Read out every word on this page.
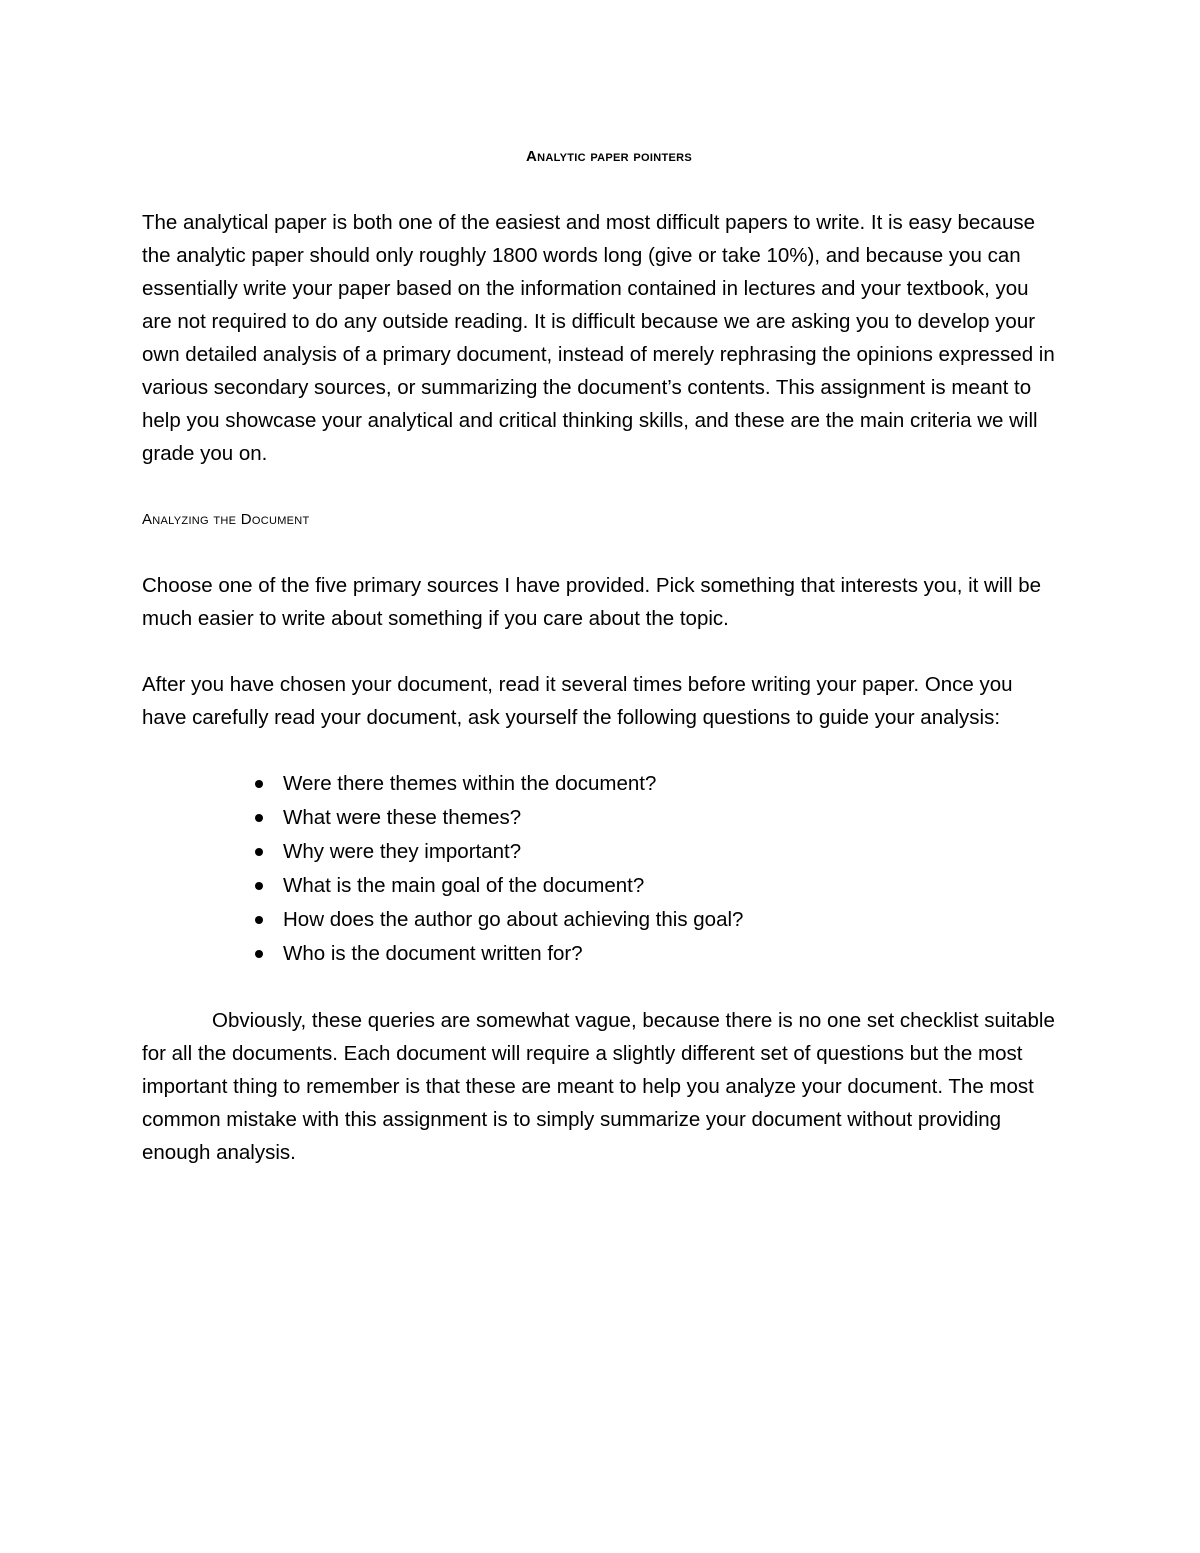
Analytic paper pointers

The analytical paper is both one of the easiest and most difficult papers to write. It is easy because the analytic paper should only roughly 1800 words long (give or take 10%), and because you can essentially write your paper based on the information contained in lectures and your textbook, you are not required to do any outside reading. It is difficult because we are asking you to develop your own detailed analysis of a primary document, instead of merely rephrasing the opinions expressed in various secondary sources, or summarizing the document’s contents. This assignment is meant to help you showcase your analytical and critical thinking skills, and these are the main criteria we will grade you on.

Analyzing the Document

Choose one of the five primary sources I have provided. Pick something that interests you, it will be much easier to write about something if you care about the topic.

After you have chosen your document, read it several times before writing your paper. Once you have carefully read your document, ask yourself the following questions to guide your analysis:

Were there themes within the document?
What were these themes?
Why were they important?
What is the main goal of the document?
How does the author go about achieving this goal?
Who is the document written for?

Obviously, these queries are somewhat vague, because there is no one set checklist suitable for all the documents. Each document will require a slightly different set of questions but the most important thing to remember is that these are meant to help you analyze your document. The most common mistake with this assignment is to simply summarize your document without providing enough analysis.
